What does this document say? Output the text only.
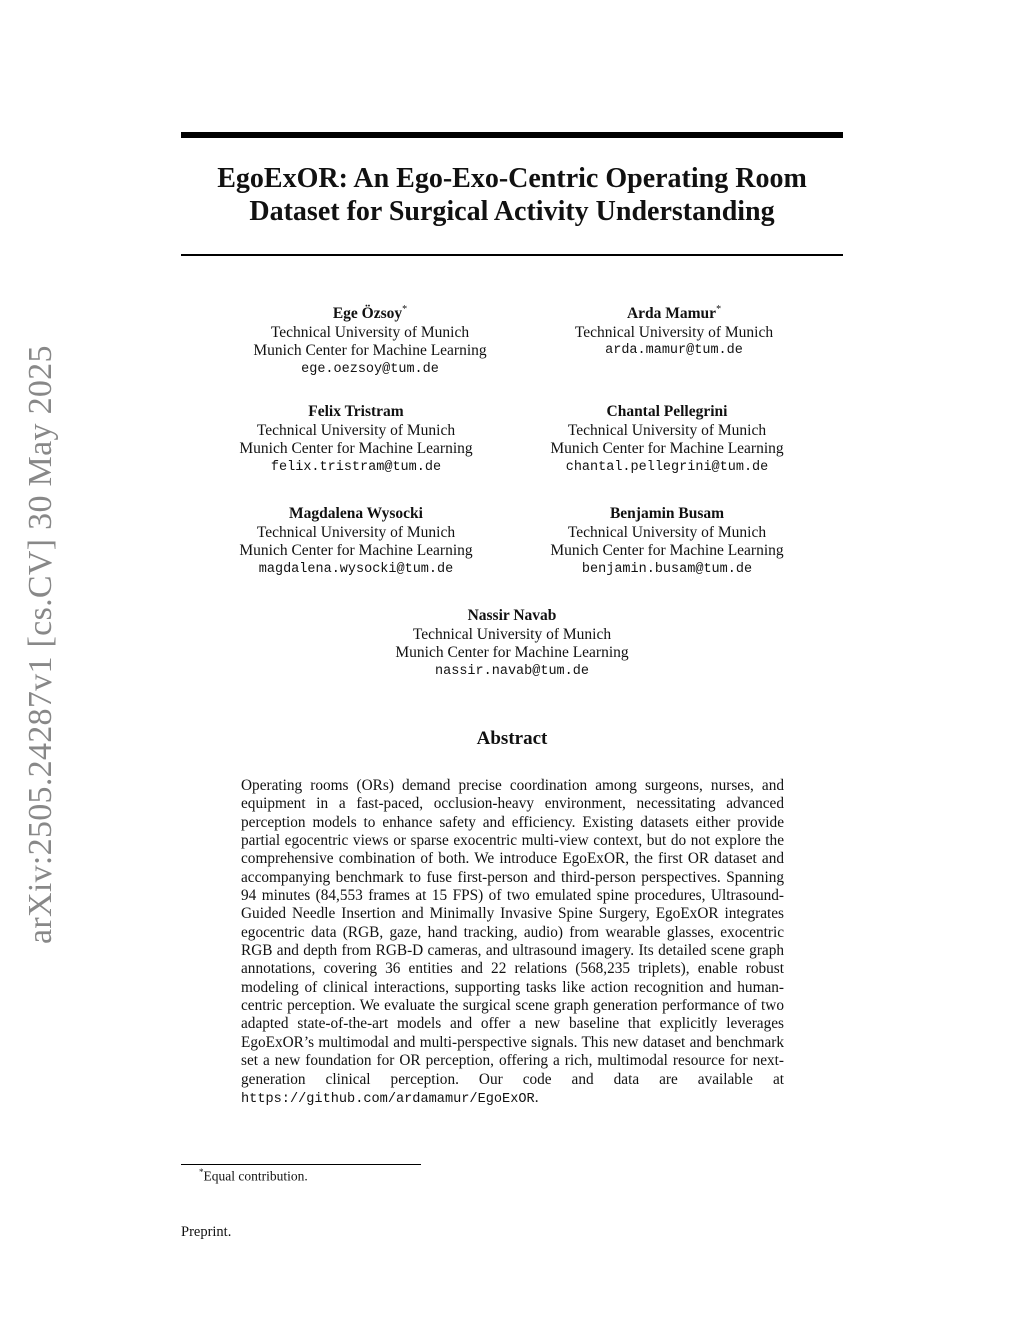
arXiv:2505.24287v1 [cs.CV] 30 May 2025
EgoExOR: An Ego-Exo-Centric Operating Room Dataset for Surgical Activity Understanding
Ege Özsoy*
Technical University of Munich
Munich Center for Machine Learning
ege.oezsoy@tum.de
Arda Mamur*
Technical University of Munich
arda.mamur@tum.de
Felix Tristram
Technical University of Munich
Munich Center for Machine Learning
felix.tristram@tum.de
Chantal Pellegrini
Technical University of Munich
Munich Center for Machine Learning
chantal.pellegrini@tum.de
Magdalena Wysocki
Technical University of Munich
Munich Center for Machine Learning
magdalena.wysocki@tum.de
Benjamin Busam
Technical University of Munich
Munich Center for Machine Learning
benjamin.busam@tum.de
Nassir Navab
Technical University of Munich
Munich Center for Machine Learning
nassir.navab@tum.de
Abstract
Operating rooms (ORs) demand precise coordination among surgeons, nurses, and equipment in a fast-paced, occlusion-heavy environment, necessitating advanced perception models to enhance safety and efficiency. Existing datasets either provide partial egocentric views or sparse exocentric multi-view context, but do not explore the comprehensive combination of both. We introduce EgoExOR, the first OR dataset and accompanying benchmark to fuse first-person and third-person perspectives. Spanning 94 minutes (84,553 frames at 15 FPS) of two emulated spine procedures, Ultrasound-Guided Needle Insertion and Minimally Invasive Spine Surgery, EgoExOR integrates egocentric data (RGB, gaze, hand tracking, audio) from wearable glasses, exocentric RGB and depth from RGB-D cameras, and ultrasound imagery. Its detailed scene graph annotations, covering 36 entities and 22 relations (568,235 triplets), enable robust modeling of clinical interactions, supporting tasks like action recognition and human-centric perception. We evaluate the surgical scene graph generation performance of two adapted state-of-the-art models and offer a new baseline that explicitly leverages EgoExOR’s multimodal and multi-perspective signals. This new dataset and benchmark set a new foundation for OR perception, offering a rich, multimodal resource for next-generation clinical perception. Our code and data are available at https://github.com/ardamamur/EgoExOR.
*Equal contribution.
Preprint.
